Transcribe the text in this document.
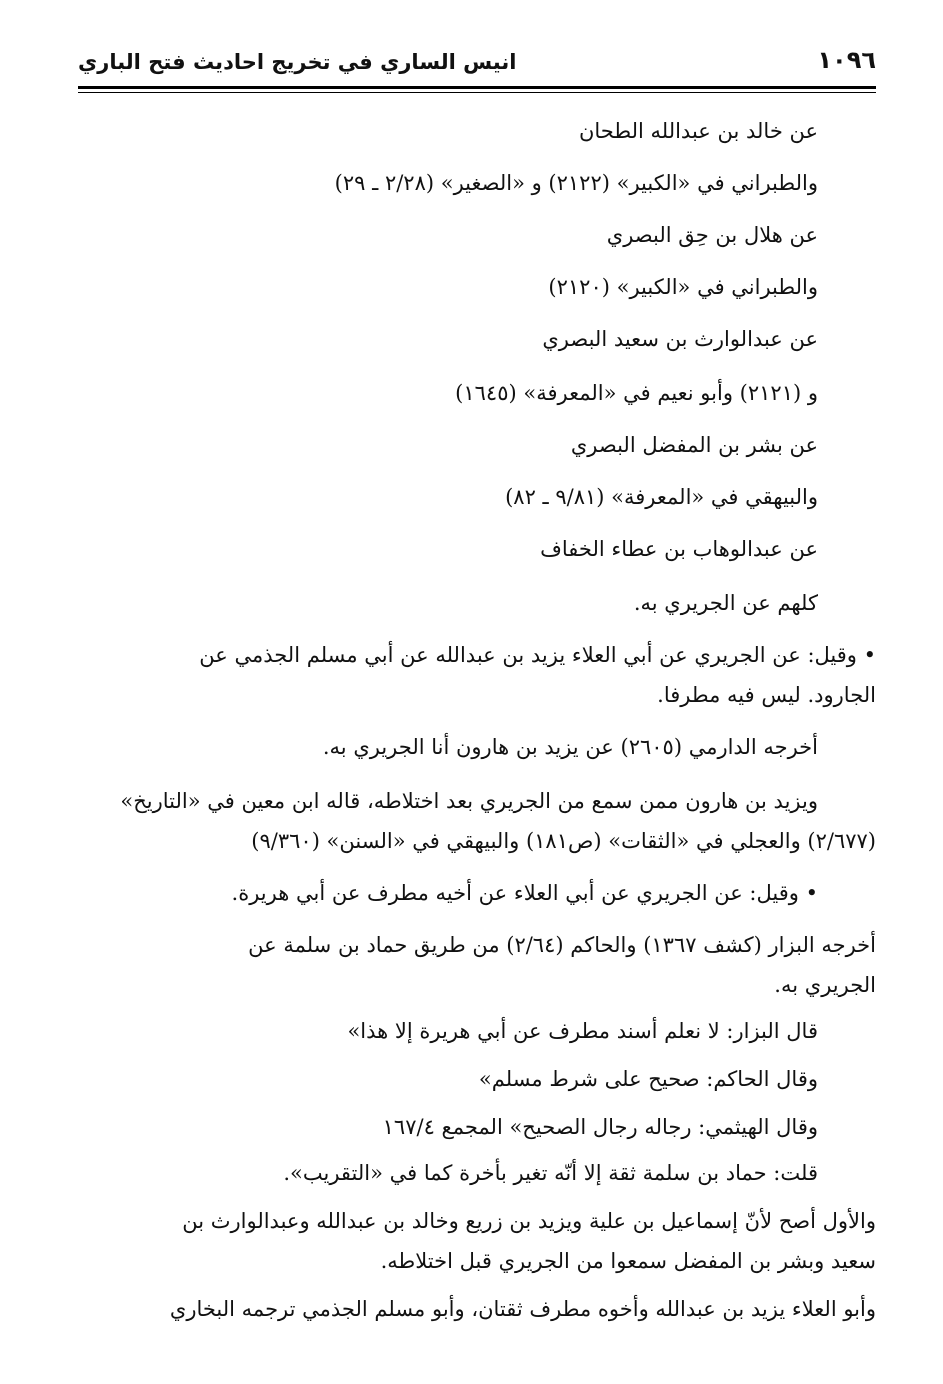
١٠٩٦
انيس الساري في تخريج احاديث فتح الباري
عن خالد بن عبدالله الطحان
والطبراني في «الكبير» (٢١٢٢) و «الصغير» (٢/٢٨ ـ ٢٩)
عن هلال بن حِق البصري
والطبراني في «الكبير» (٢١٢٠)
عن عبدالوارث بن سعيد البصري
و (٢١٢١) وأبو نعيم في «المعرفة» (١٦٤٥)
عن بشر بن المفضل البصري
والبيهقي في «المعرفة» (٩/٨١ ـ ٨٢)
عن عبدالوهاب بن عطاء الخفاف
كلهم عن الجريري به.
• وقيل: عن الجريري عن أبي العلاء يزيد بن عبدالله عن أبي مسلم الجذمي عن
الجارود. ليس فيه مطرفا.
أخرجه الدارمي (٢٦٠٥) عن يزيد بن هارون أنا الجريري به.
ويزيد بن هارون ممن سمع من الجريري بعد اختلاطه، قاله ابن معين في «التاريخ»
(٢/٦٧٧) والعجلي في «الثقات» (ص١٨١) والبيهقي في «السنن» (٩/٣٦٠)
• وقيل: عن الجريري عن أبي العلاء عن أخيه مطرف عن أبي هريرة.
أخرجه البزار (كشف ١٣٦٧) والحاكم (٢/٦٤) من طريق حماد بن سلمة عن
الجريري به.
قال البزار: لا نعلم أسند مطرف عن أبي هريرة إلا هذا»
وقال الحاكم: صحيح على شرط مسلم»
وقال الهيثمي: رجاله رجال الصحيح» المجمع ١٦٧/٤
قلت: حماد بن سلمة ثقة إلا أنّه تغير بأخرة كما في «التقريب».
والأول أصح لأنّ إسماعيل بن علية ويزيد بن زريع وخالد بن عبدالله وعبدالوارث بن
سعيد وبشر بن المفضل سمعوا من الجريري قبل اختلاطه.
وأبو العلاء يزيد بن عبدالله وأخوه مطرف ثقتان، وأبو مسلم الجذمي ترجمه البخاري
